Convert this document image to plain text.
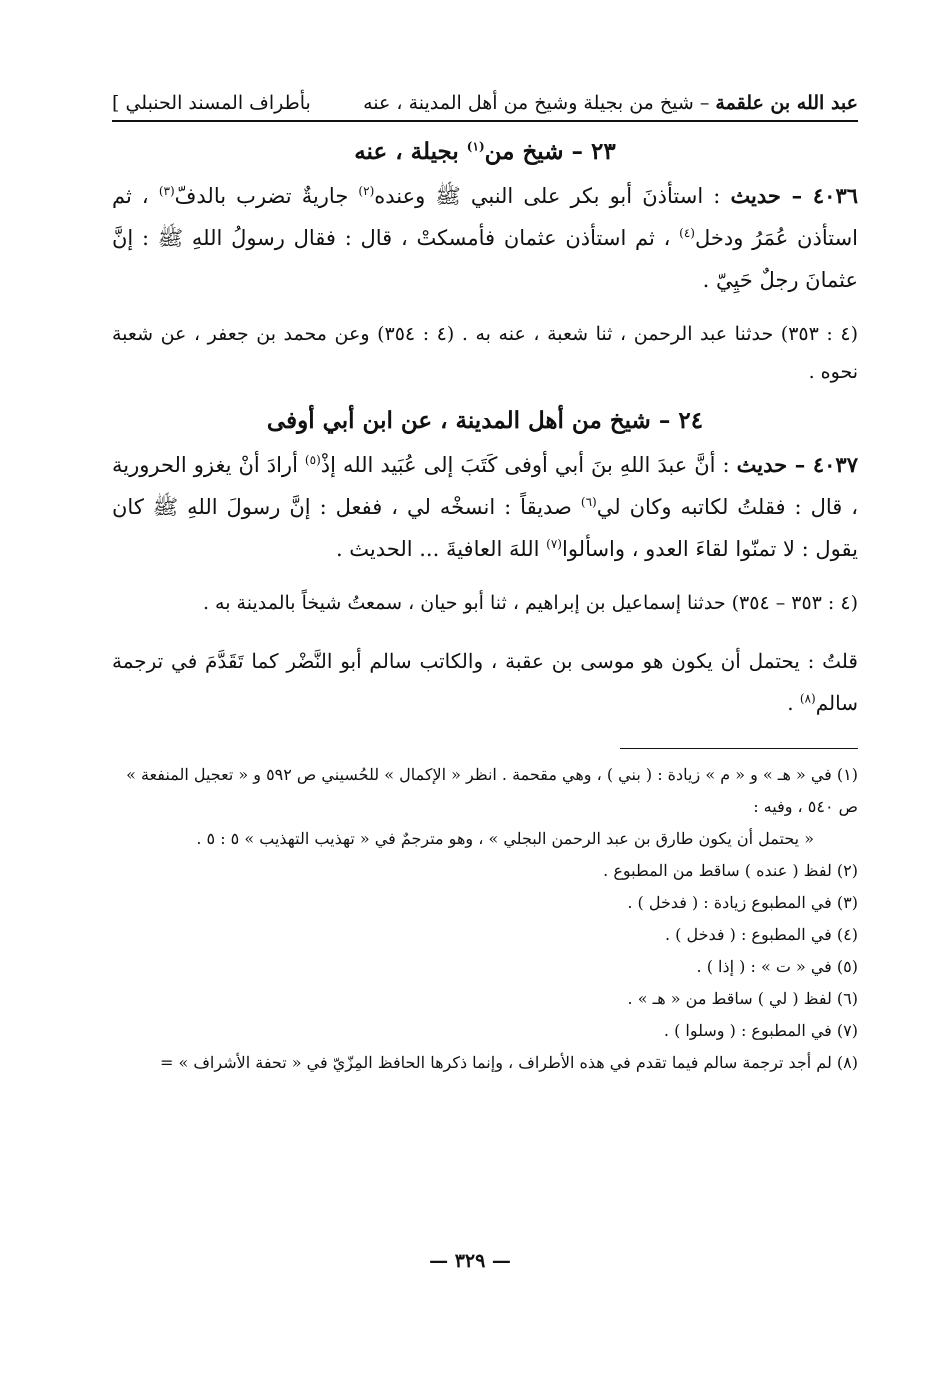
عبد الله بن علقمة – شيخ من بجيلة وشيخ من أهل المدينة ، عنه
بأطراف المسند الحنبلي ]
٢٣ – شيخ من$^{(١)}$ بجيلة ، عنه

٤٠٣٦ – حديث : استأذنَ أبو بكر على النبي ﷺ وعنده$^{(٢)}$ جاريةٌ تضرب بالدفّ$^{(٣)}$ ، ثم استأذن عُمَرُ ودخل$^{(٤)}$ ، ثم استأذن عثمان فأمسكتْ ، قال : فقال رسولُ اللهِ ﷺ : إنَّ عثمانَ رجلٌ حَيِيّ .

(٤ : ٣٥٣) حدثنا عبد الرحمن ، ثنا شعبة ، عنه به . (٤ : ٣٥٤) وعن محمد بن جعفر ، عن شعبة نحوه .

٢٤ – شيخ من أهل المدينة ، عن ابن أبي أوفى

٤٠٣٧ – حديث : أنَّ عبدَ اللهِ بنَ أبي أوفى كَتَبَ إلى عُبَيد الله إذْ$^{(٥)}$ أرادَ أنْ يغزو الحرورية ، قال : فقلتُ لكاتبه وكان لي$^{(٦)}$ صديقاً : انسخْه لي ، ففعل : إنَّ رسولَ اللهِ ﷺ كان يقول : لا تمنّوا لقاءَ العدو ، واسألوا$^{(٧)}$ اللهَ العافيةَ ... الحديث .

(٤ : ٣٥٣ – ٣٥٤) حدثنا إسماعيل بن إبراهيم ، ثنا أبو حيان ، سمعتُ شيخاً بالمدينة به .

قلتُ : يحتمل أن يكون هو موسى بن عقبة ، والكاتب سالم أبو النَّضْر كما تَقَدَّمَ في ترجمة سالم$^{(٨)}$ .

(١) في « هـ » و « م » زيادة : ( بني ) ، وهي مقحمة . انظر « الإكمال » للحُسيني ص ٥٩٢ و « تعجيل المنفعة » ص ٥٤٠ ، وفيه :

« يحتمل أن يكون طارق بن عبد الرحمن البجلي » ، وهو مترجمٌ في « تهذيب التهذيب » ٥ : ٥ .

(٢) لفظ ( عنده ) ساقط من المطبوع .

(٣) في المطبوع زيادة : ( فدخل ) .

(٤) في المطبوع : ( فدخل ) .

(٥) في « ت » : ( إذا ) .

(٦) لفظ ( لي ) ساقط من « هـ » .

(٧) في المطبوع : ( وسلوا ) .

(٨) لم أجد ترجمة سالم فيما تقدم في هذه الأطراف ، وإنما ذكرها الحافظ المِزّيّ في « تحفة الأشراف » =

— ٣٢٩ —
